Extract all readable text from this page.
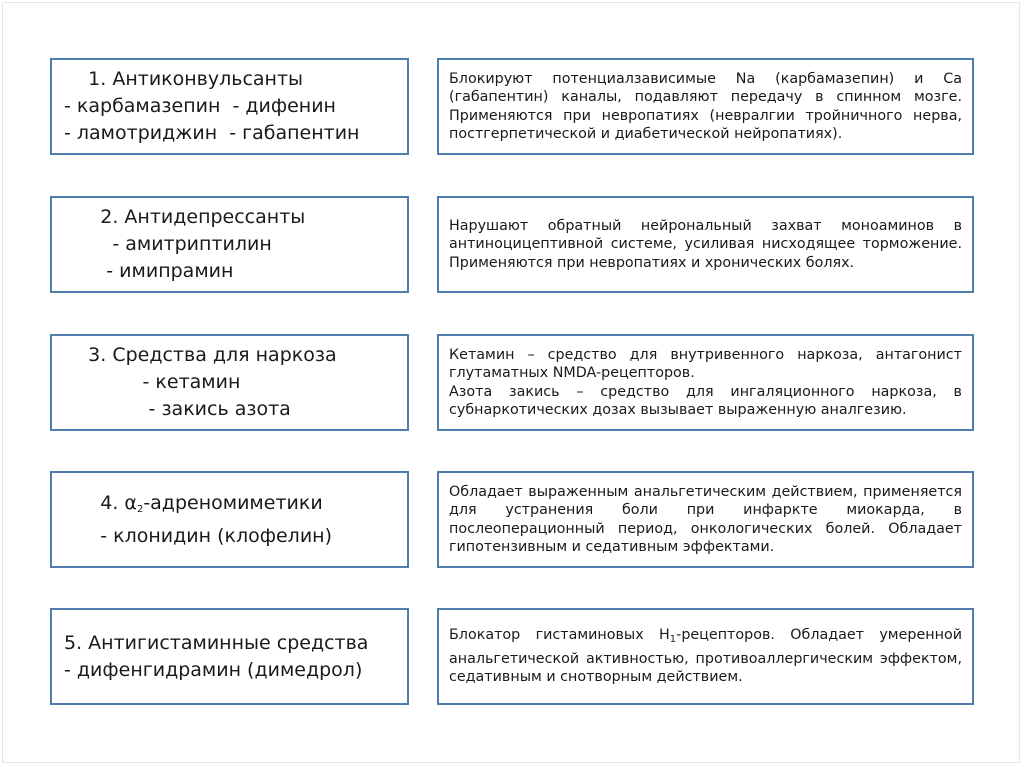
1. Антиконвульсанты
- карбамазепин  - дифенин
- ламотриджин  - габапентин
Блокируют потенциалзависимые Na (карбамазепин) и Ca (габапентин) каналы, подавляют передачу в спинном мозге. Применяются при невропатиях (невралгии тройничного нерва, постгерпетической и диабетической нейропатиях).
2. Антидепрессанты
- амитриптилин
- имипрамин
Нарушают обратный нейрональный захват моноаминов в антиноцицептивной системе, усиливая нисходящее торможение. Применяются при невропатиях и хронических болях.
3. Средства для наркоза
- кетамин
- закись азота
Кетамин – средство для внутривенного наркоза, антагонист глутаматных NMDA-рецепторов.
Азота закись – средство для ингаляционного наркоза, в субнаркотических дозах вызывает выраженную аналгезию.
4. $\alpha_2$-адреномиметики
- клонидин (клофелин)
Обладает выраженным анальгетическим действием, применяется для устранения боли при инфаркте миокарда, в послеоперационный период, онкологических болей. Обладает гипотензивным и седативным эффектами.
5. Антигистаминные средства
- дифенгидрамин (димедрол)
Блокатор гистаминовых $H_1$-рецепторов. Обладает умеренной анальгетической активностью, противоаллергическим эффектом, седативным и снотворным действием.
